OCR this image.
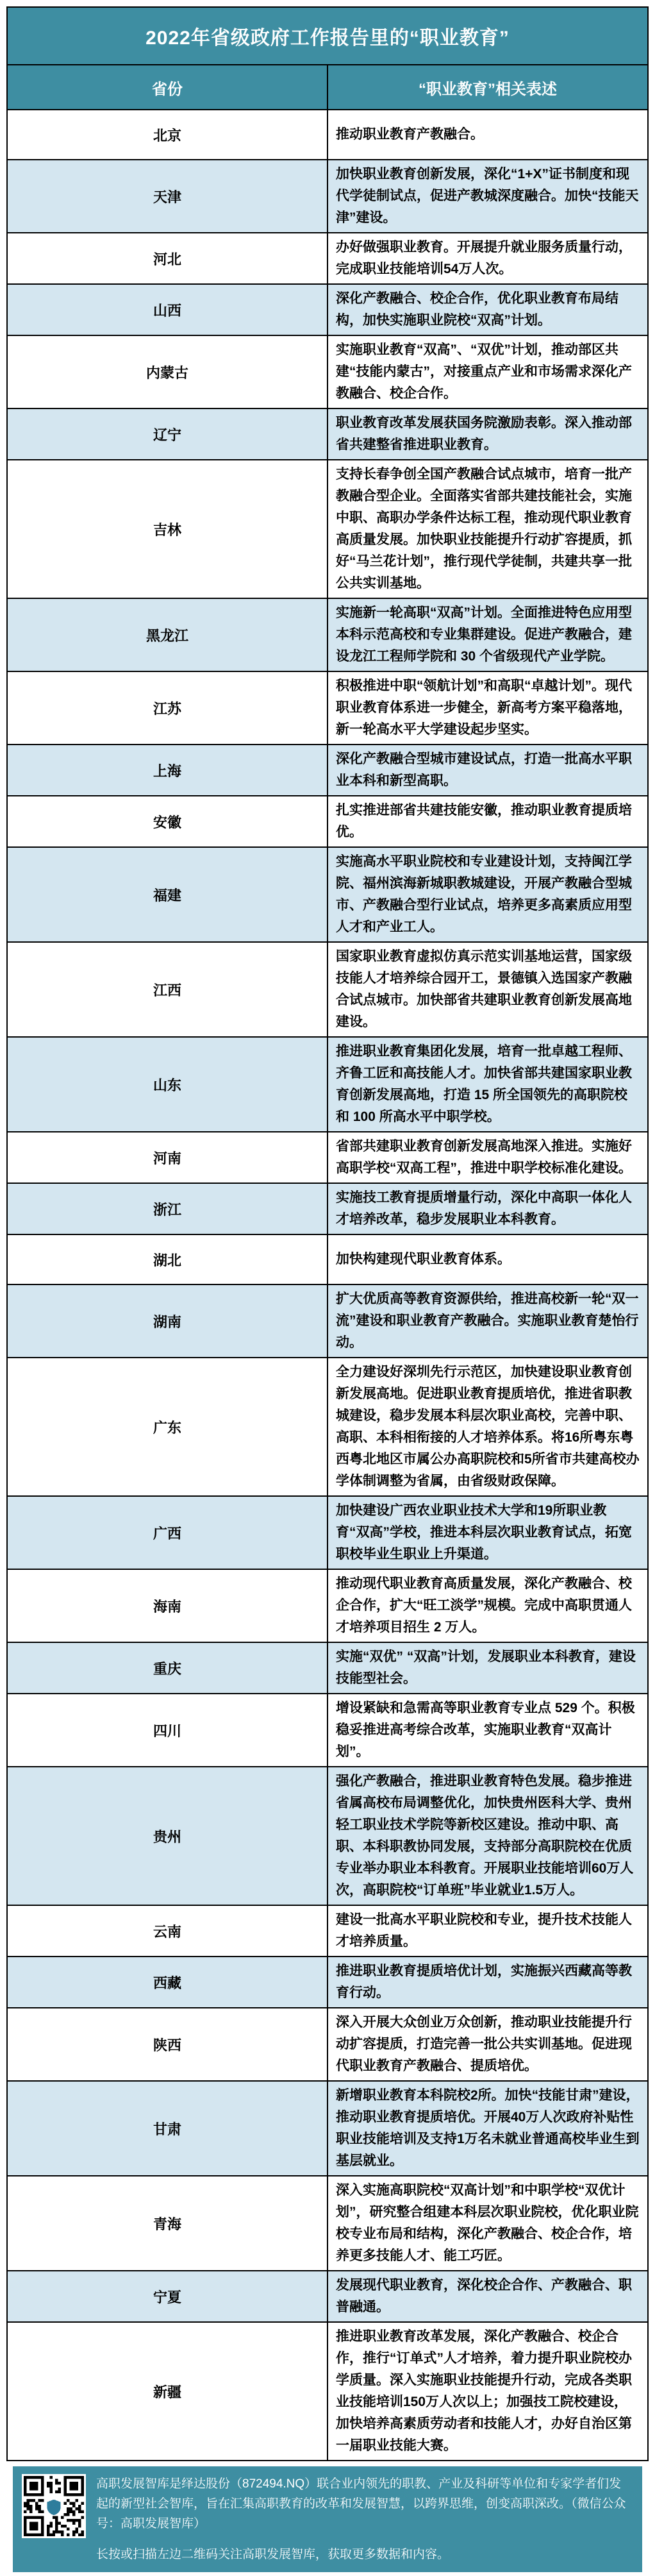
2022年省级政府工作报告里的“职业教育”	
省份	“职业教育”相关表述
北京	推动职业教育产教融合。
天津	加快职业教育创新发展，深化“1+X”证书制度和现代学徒制试点，促进产教城深度融合。加快“技能天津”建设。
河北	办好做强职业教育。开展提升就业服务质量行动，完成职业技能培训54万人次。
山西	深化产教融合、校企合作，优化职业教育布局结构，加快实施职业院校“双高”计划。
内蒙古	实施职业教育“双高”、“双优”计划，推动部区共建“技能内蒙古”，对接重点产业和市场需求深化产教融合、校企合作。
辽宁	职业教育改革发展获国务院激励表彰。深入推动部省共建整省推进职业教育。
吉林	支持长春争创全国产教融合试点城市，培育一批产教融合型企业。全面落实省部共建技能社会，实施中职、高职办学条件达标工程，推动现代职业教育高质量发展。加快职业技能提升行动扩容提质，抓好“马兰花计划”，推行现代学徒制，共建共享一批公共实训基地。
黑龙江	实施新一轮高职“双高”计划。全面推进特色应用型本科示范高校和专业集群建设。促进产教融合，建设龙江工程师学院和 30 个省级现代产业学院。
江苏	积极推进中职“领航计划”和高职“卓越计划”。现代职业教育体系进一步健全，新高考方案平稳落地，新一轮高水平大学建设起步坚实。
上海	深化产教融合型城市建设试点，打造一批高水平职业本科和新型高职。
安徽	扎实推进部省共建技能安徽，推动职业教育提质培优。
福建	实施高水平职业院校和专业建设计划，支持闽江学院、福州滨海新城职教城建设，开展产教融合型城市、产教融合型行业试点，培养更多高素质应用型人才和产业工人。
江西	国家职业教育虚拟仿真示范实训基地运营，国家级技能人才培养综合园开工，景德镇入选国家产教融合试点城市。加快部省共建职业教育创新发展高地建设。
山东	推进职业教育集团化发展，培育一批卓越工程师、齐鲁工匠和高技能人才。加快省部共建国家职业教育创新发展高地，打造 15 所全国领先的高职院校和 100 所高水平中职学校。
河南	省部共建职业教育创新发展高地深入推进。实施好高职学校“双高工程”，推进中职学校标准化建设。
浙江	实施技工教育提质增量行动，深化中高职一体化人才培养改革，稳步发展职业本科教育。
湖北	加快构建现代职业教育体系。
湖南	扩大优质高等教育资源供给，推进高校新一轮“双一流”建设和职业教育产教融合。实施职业教育楚怡行动。
广东	全力建设好深圳先行示范区，加快建设职业教育创新发展高地。促进职业教育提质培优，推进省职教城建设，稳步发展本科层次职业高校，完善中职、高职、本科相衔接的人才培养体系。将16所粤东粤西粤北地区市属公办高职院校和5所省市共建高校办学体制调整为省属，由省级财政保障。
广西	加快建设广西农业职业技术大学和19所职业教育“双高”学校，推进本科层次职业教育试点，拓宽职校毕业生职业上升渠道。
海南	推动现代职业教育高质量发展，深化产教融合、校企合作，扩大“旺工淡学”规模。完成中高职贯通人才培养项目招生 2 万人。
重庆	实施“双优” “双高”计划，发展职业本科教育，建设技能型社会。
四川	增设紧缺和急需高等职业教育专业点 529 个。积极稳妥推进高考综合改革，实施职业教育“双高计划”。
贵州	强化产教融合，推进职业教育特色发展。稳步推进省属高校布局调整优化，加快贵州医科大学、贵州轻工职业技术学院等新校区建设。推动中职、高职、本科职教协同发展，支持部分高职院校在优质专业举办职业本科教育。开展职业技能培训60万人次，高职院校“订单班”毕业就业1.5万人。
云南	建设一批高水平职业院校和专业，提升技术技能人才培养质量。
西藏	推进职业教育提质培优计划，实施振兴西藏高等教育行动。
陕西	深入开展大众创业万众创新，推动职业技能提升行动扩容提质，打造完善一批公共实训基地。促进现代职业教育产教融合、提质培优。
甘肃	新增职业教育本科院校2所。加快“技能甘肃”建设，推动职业教育提质培优。开展40万人次政府补贴性职业技能培训及支持1万名未就业普通高校毕业生到基层就业。
青海	深入实施高职院校“双高计划”和中职学校“双优计划”，研究整合组建本科层次职业院校，优化职业院校专业布局和结构，深化产教融合、校企合作，培养更多技能人才、能工巧匠。
宁夏	发展现代职业教育，深化校企合作、产教融合、职普融通。
新疆	推进职业教育改革发展，深化产教融合、校企合作，推行“订单式”人才培养，着力提升职业院校办学质量。深入实施职业技能提升行动，完成各类职业技能培训150万人次以上；加强技工院校建设，加快培养高素质劳动者和技能人才，办好自治区第一届职业技能大赛。

高职发展智库是绎达股份（872494.NQ）联合业内领先的职教、产业及科研等单位和专家学者们发起的新型社会智库，旨在汇集高职教育的改革和发展智慧，以跨界思维，创变高职深改。（微信公众号：高职发展智库）

长按或扫描左边二维码关注高职发展智库，获取更多数据和内容。
